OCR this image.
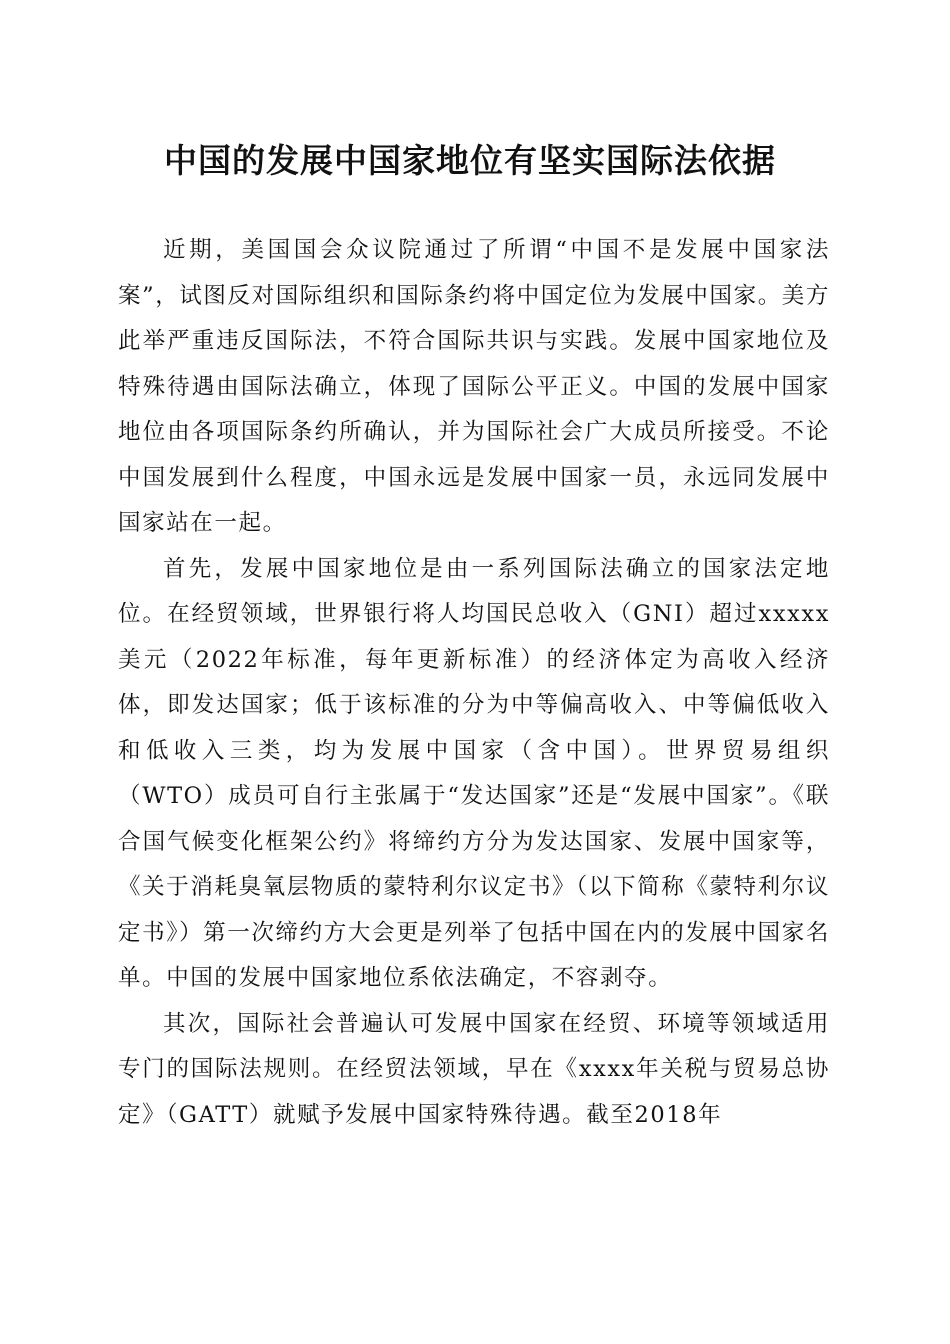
中国的发展中国家地位有坚实国际法依据

近期，美国国会众议院通过了所谓“中国不是发展中国家法案”，试图反对国际组织和国际条约将中国定位为发展中国家。美方此举严重违反国际法，不符合国际共识与实践。发展中国家地位及特殊待遇由国际法确立，体现了国际公平正义。中国的发展中国家地位由各项国际条约所确认，并为国际社会广大成员所接受。不论中国发展到什么程度，中国永远是发展中国家一员，永远同发展中国家站在一起。

首先，发展中国家地位是由一系列国际法确立的国家法定地位。在经贸领域，世界银行将人均国民总收入（GNI）超过xxxxx美元（2022年标准，每年更新标准）的经济体定为高收入经济体，即发达国家；低于该标准的分为中等偏高收入、中等偏低收入和低收入三类，均为发展中国家（含中国）。世界贸易组织（WTO）成员可自行主张属于“发达国家”还是“发展中国家”。《联合国气候变化框架公约》将缔约方分为发达国家、发展中国家等，《关于消耗臭氧层物质的蒙特利尔议定书》（以下简称《蒙特利尔议定书》）第一次缔约方大会更是列举了包括中国在内的发展中国家名单。中国的发展中国家地位系依法确定，不容剥夺。

其次，国际社会普遍认可发展中国家在经贸、环境等领域适用专门的国际法规则。在经贸法领域，早在《xxxx年关税与贸易总协定》（GATT）就赋予发展中国家特殊待遇。截至2018年
